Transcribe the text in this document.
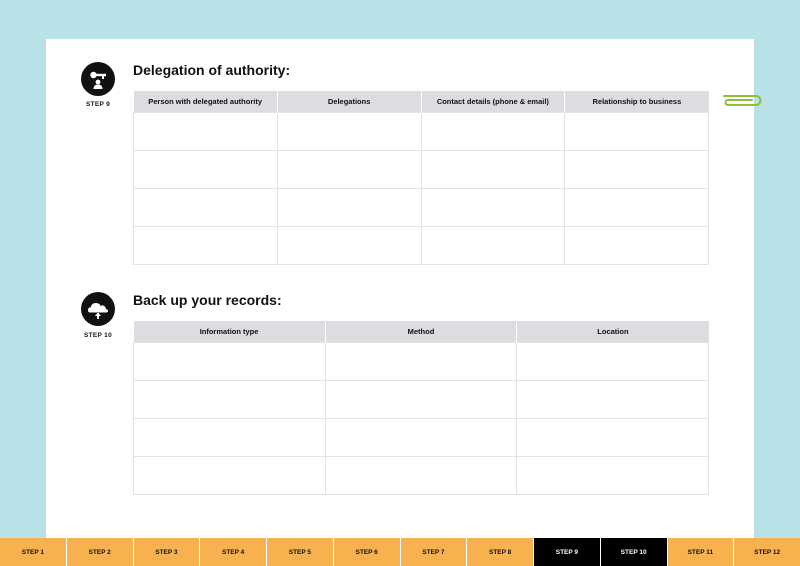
STEP 9
Delegation of authority:
Person with delegated authority	Delegations	Contact details (phone & email)	Relationship to business

STEP 10
Back up your records:
Information type	Method	Location

STEP 1	STEP 2	STEP 3	STEP 4	STEP 5	STEP 6	STEP 7	STEP 8	STEP 9	STEP 10	STEP 11	STEP 12
